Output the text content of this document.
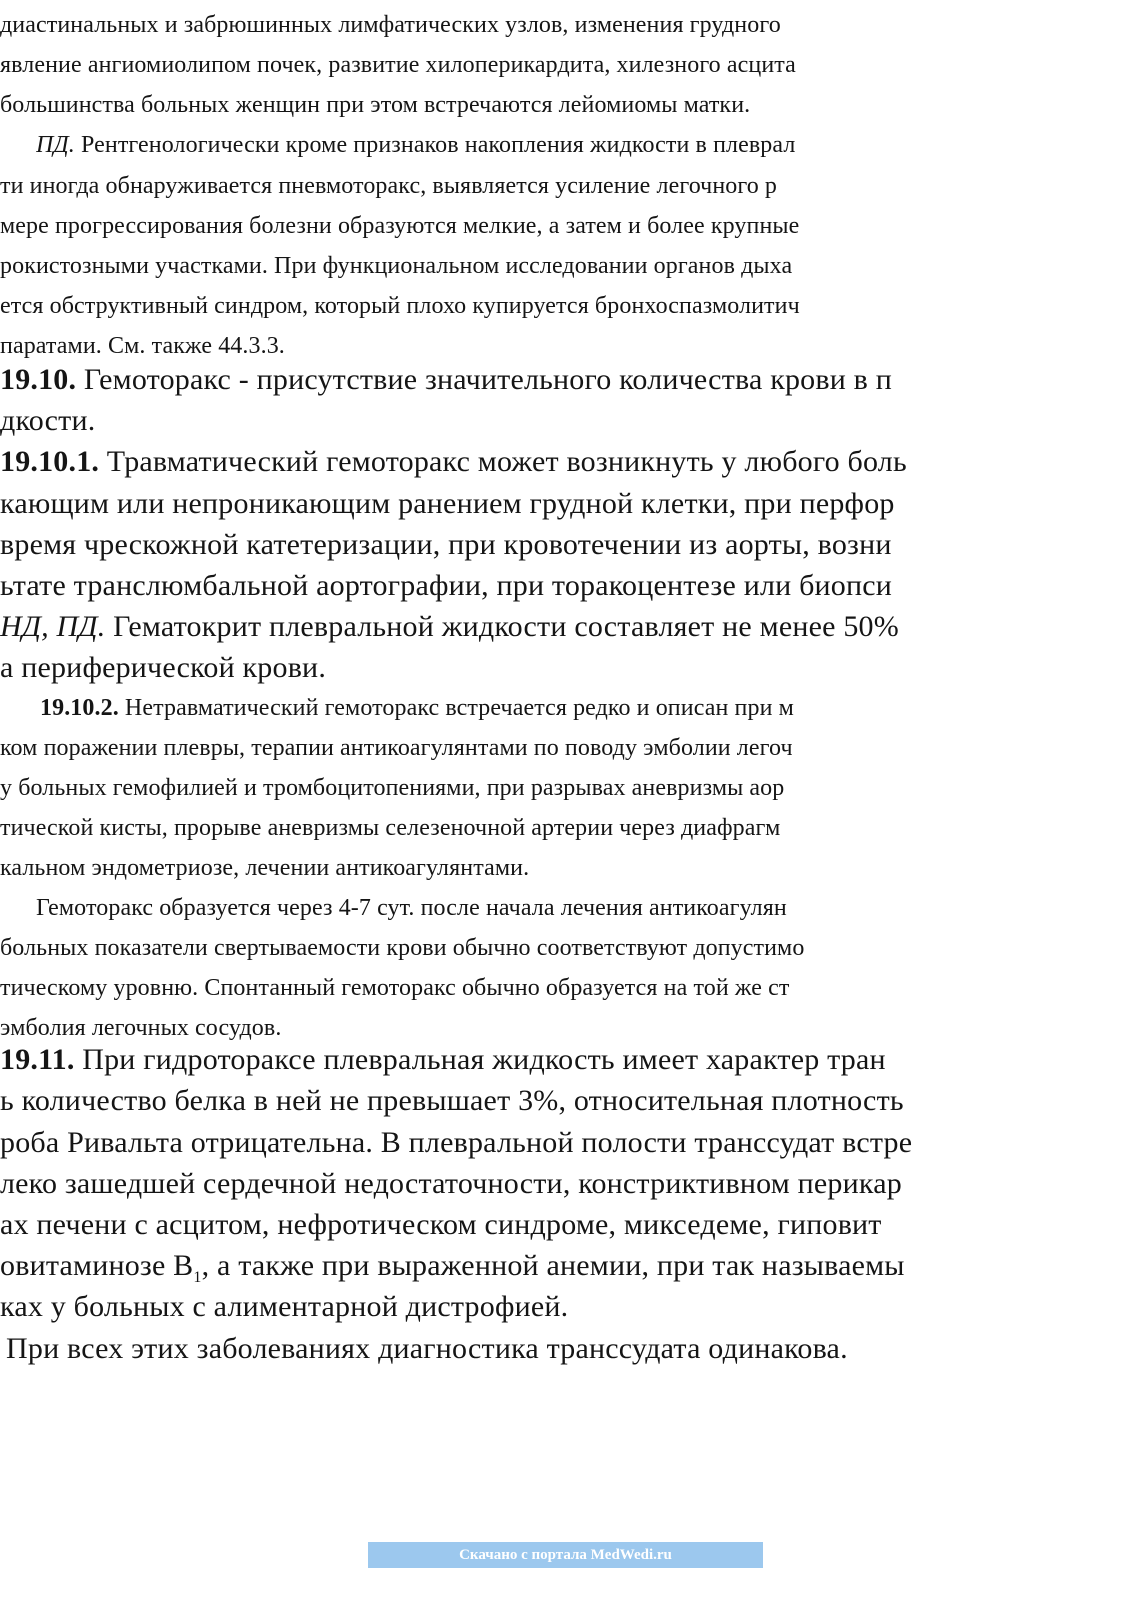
диастинальных и забрюшинных лимфатических узлов, изменения грудного

явление ангиомиолипом почек, развитие хилоперикардита, хилезного асцита

большинства больных женщин при этом встречаются лейомиомы матки.

ПД. Рентгенологически кроме признаков накопления жидкости в плеврал

ти иногда обнаруживается пневмоторакс, выявляется усиление легочного р

мере прогрессирования болезни образуются мелкие, а затем и более крупные

рокистозными участками. При функциональном исследовании органов дыха

ется обструктивный синдром, который плохо купируется бронхоспазмолитич

паратами. См. также 44.3.3.

19.10. Гемоторакс - присутствие значительного количества крови в п

дкости.

19.10.1. Травматический гемоторакс может возникнуть у любого боль

кающим или непроникающим ранением грудной клетки, при перфор

время чрескожной катетеризации, при кровотечении из аорты, возни

ьтате транслюмбальной аортографии, при торакоцентезе или биопси

НД, ПД. Гематокрит плевральной жидкости составляет не менее 50%

а периферической крови.

19.10.2. Нетравматический гемоторакс встречается редко и описан при м

ком поражении плевры, терапии антикоагулянтами по поводу эмболии легоч

у больных гемофилией и тромбоцитопениями, при разрывах аневризмы аор

тической кисты, прорыве аневризмы селезеночной артерии через диафрагм

кальном эндометриозе, лечении антикоагулянтами.

Гемоторакс образуется через 4-7 сут. после начала лечения антикоагулян

больных показатели свертываемости крови обычно соответствуют допустимо

тическому уровню. Спонтанный гемоторакс обычно образуется на той же ст

эмболия легочных сосудов.

19.11. При гидротораксе плевральная жидкость имеет характер тран

ь количество белка в ней не превышает 3%, относительная плотность

роба Ривальта отрицательна. В плевральной полости транссудат встре

леко зашедшей сердечной недостаточности, констриктивном перикар

ах печени с асцитом, нефротическом синдроме, микседеме, гиповит

овитаминозе $B_1$, а также при выраженной анемии, при так называемы

ках у больных с алиментарной дистрофией.

При всех этих заболеваниях диагностика транссудата одинакова.

Скачано с портала MedWedi.ru
